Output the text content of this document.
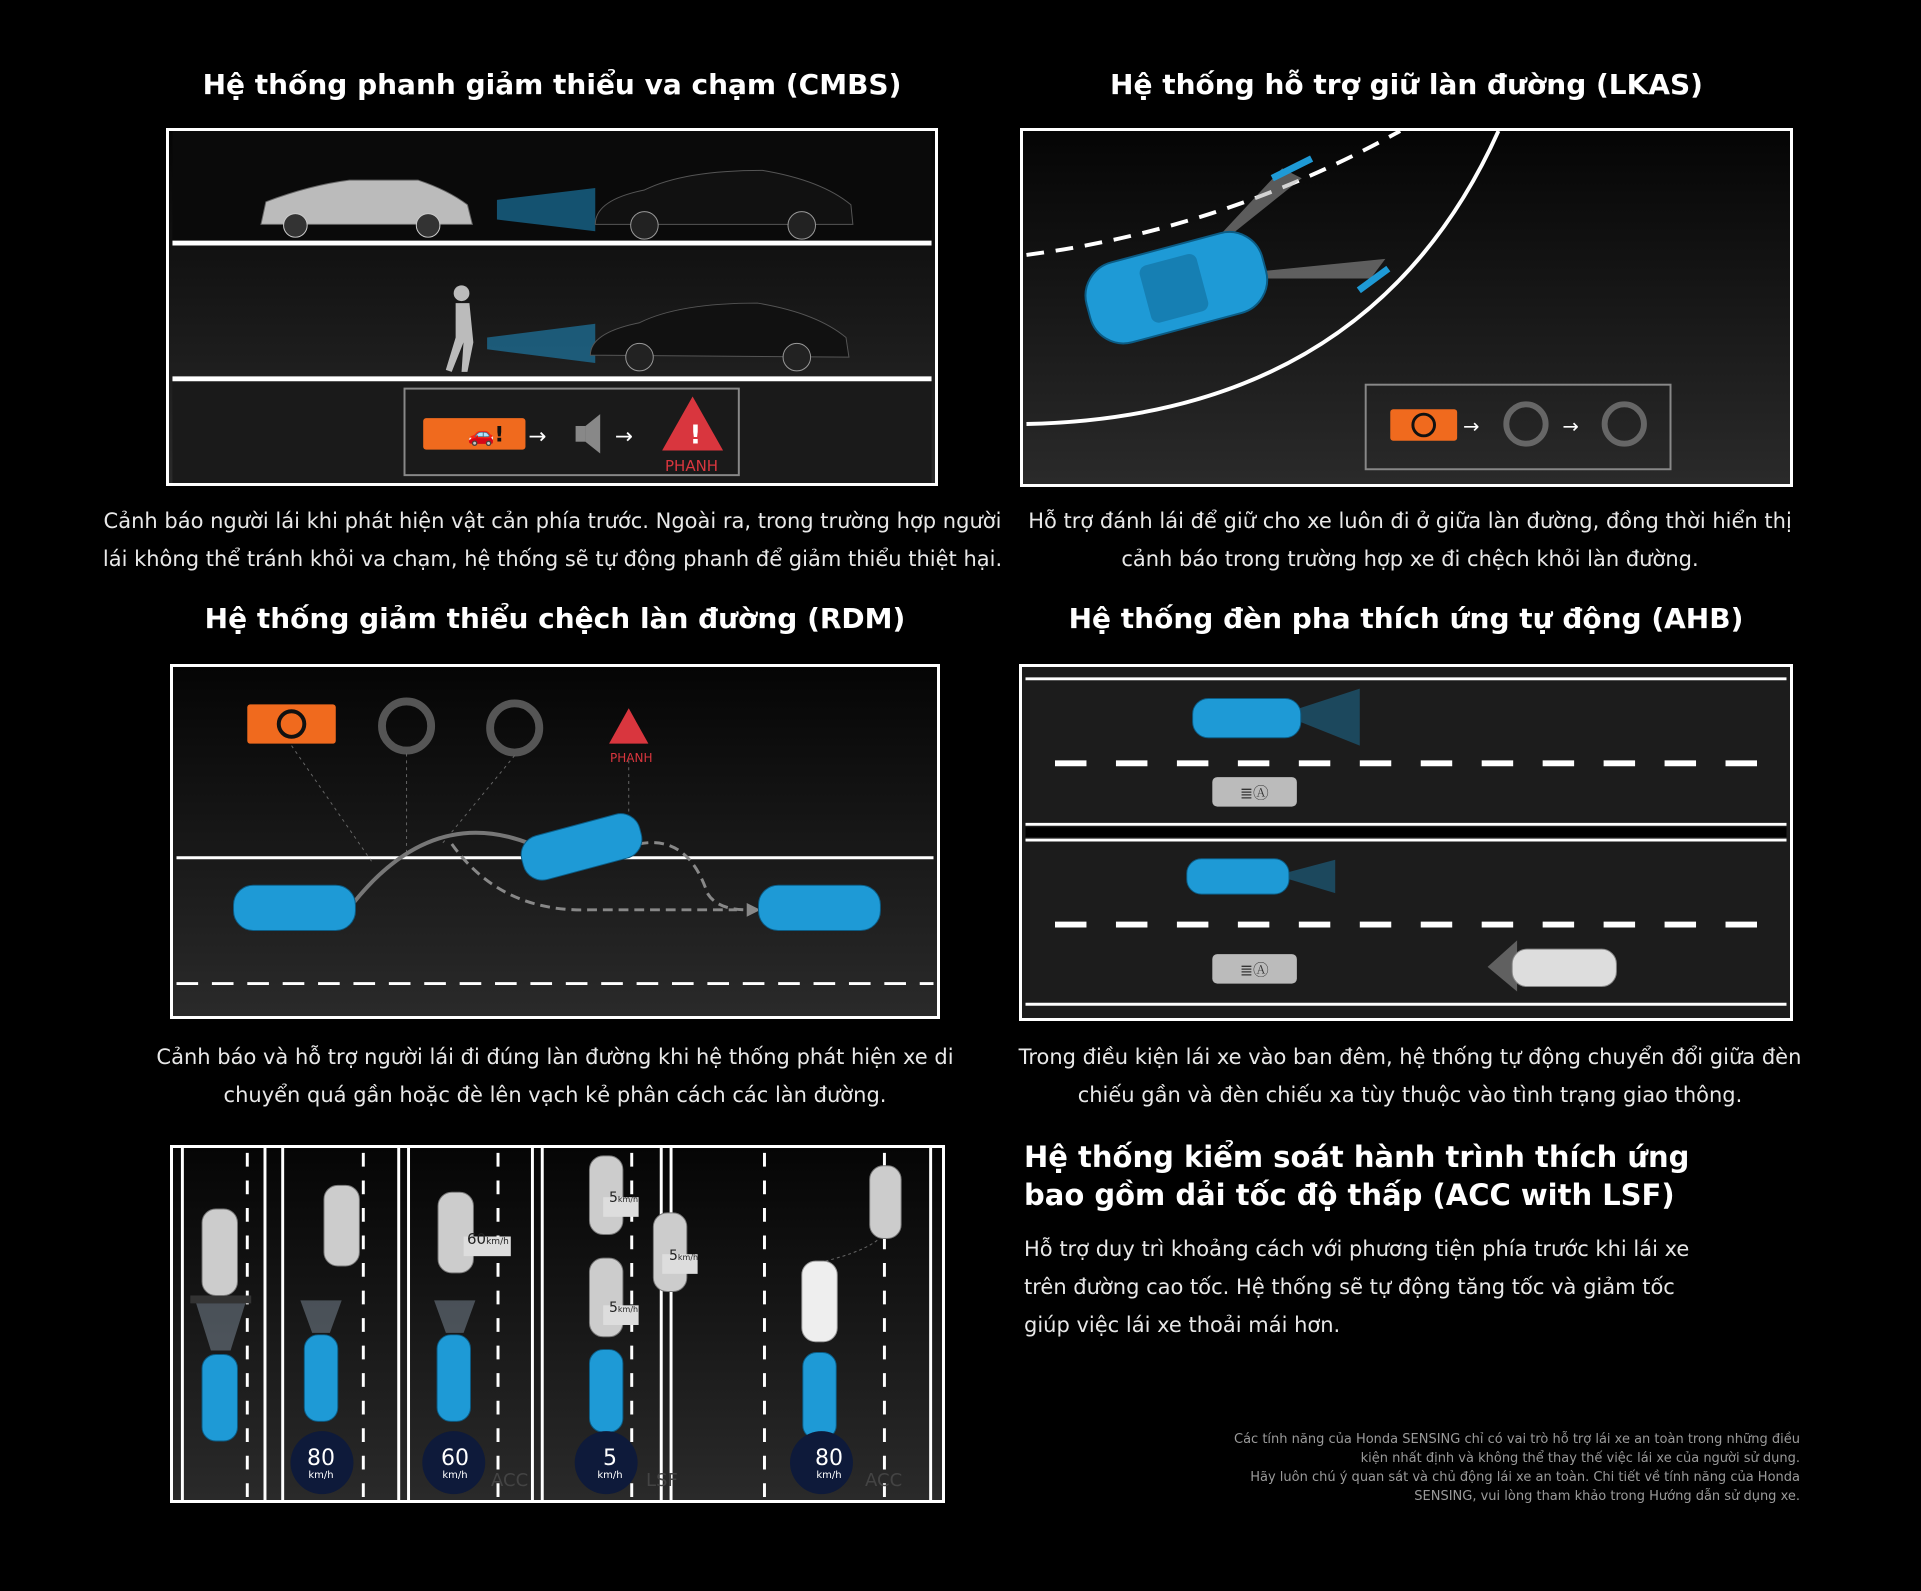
Hệ thống phanh giảm thiểu va chạm (CMBS)
🚗! →	→ !
PHANH
Cảnh báo người lái khi phát hiện vật cản phía trước. Ngoài ra, trong trường hợp người
lái không thể tránh khỏi va chạm, hệ thống sẽ tự động phanh để giảm thiểu thiệt hại.
Hệ thống hỗ trợ giữ làn đường (LKAS)
→	→
Hỗ trợ đánh lái để giữ cho xe luôn đi ở giữa làn đường, đồng thời hiển thị
cảnh báo trong trường hợp xe đi chệch khỏi làn đường.
Hệ thống giảm thiểu chệch làn đường (RDM)
PHANH
Cảnh báo và hỗ trợ người lái đi đúng làn đường khi hệ thống phát hiện xe di
chuyển quá gần hoặc đè lên vạch kẻ phân cách các làn đường.
Hệ thống đèn pha thích ứng tự động (AHB)
≣Ⓐ
≣Ⓐ
Trong điều kiện lái xe vào ban đêm, hệ thống tự động chuyển đổi giữa đèn
chiếu gần và đèn chiếu xa tùy thuộc vào tình trạng giao thông.
60km/h
5km/h
5km/h
5km/h
80
km/h
60
km/h	ACC
5
km/h	LSF
80
km/h	ACC
Hệ thống kiểm soát hành trình thích ứng
bao gồm dải tốc độ thấp (ACC with LSF)
Hỗ trợ duy trì khoảng cách với phương tiện phía trước khi lái xe
trên đường cao tốc. Hệ thống sẽ tự động tăng tốc và giảm tốc
giúp việc lái xe thoải mái hơn.
Các tính năng của Honda SENSING chỉ có vai trò hỗ trợ lái xe an toàn trong những điều
kiện nhất định và không thể thay thế việc lái xe của người sử dụng.
Hãy luôn chú ý quan sát và chủ động lái xe an toàn. Chi tiết về tính năng của Honda
SENSING, vui lòng tham khảo trong Hướng dẫn sử dụng xe.
